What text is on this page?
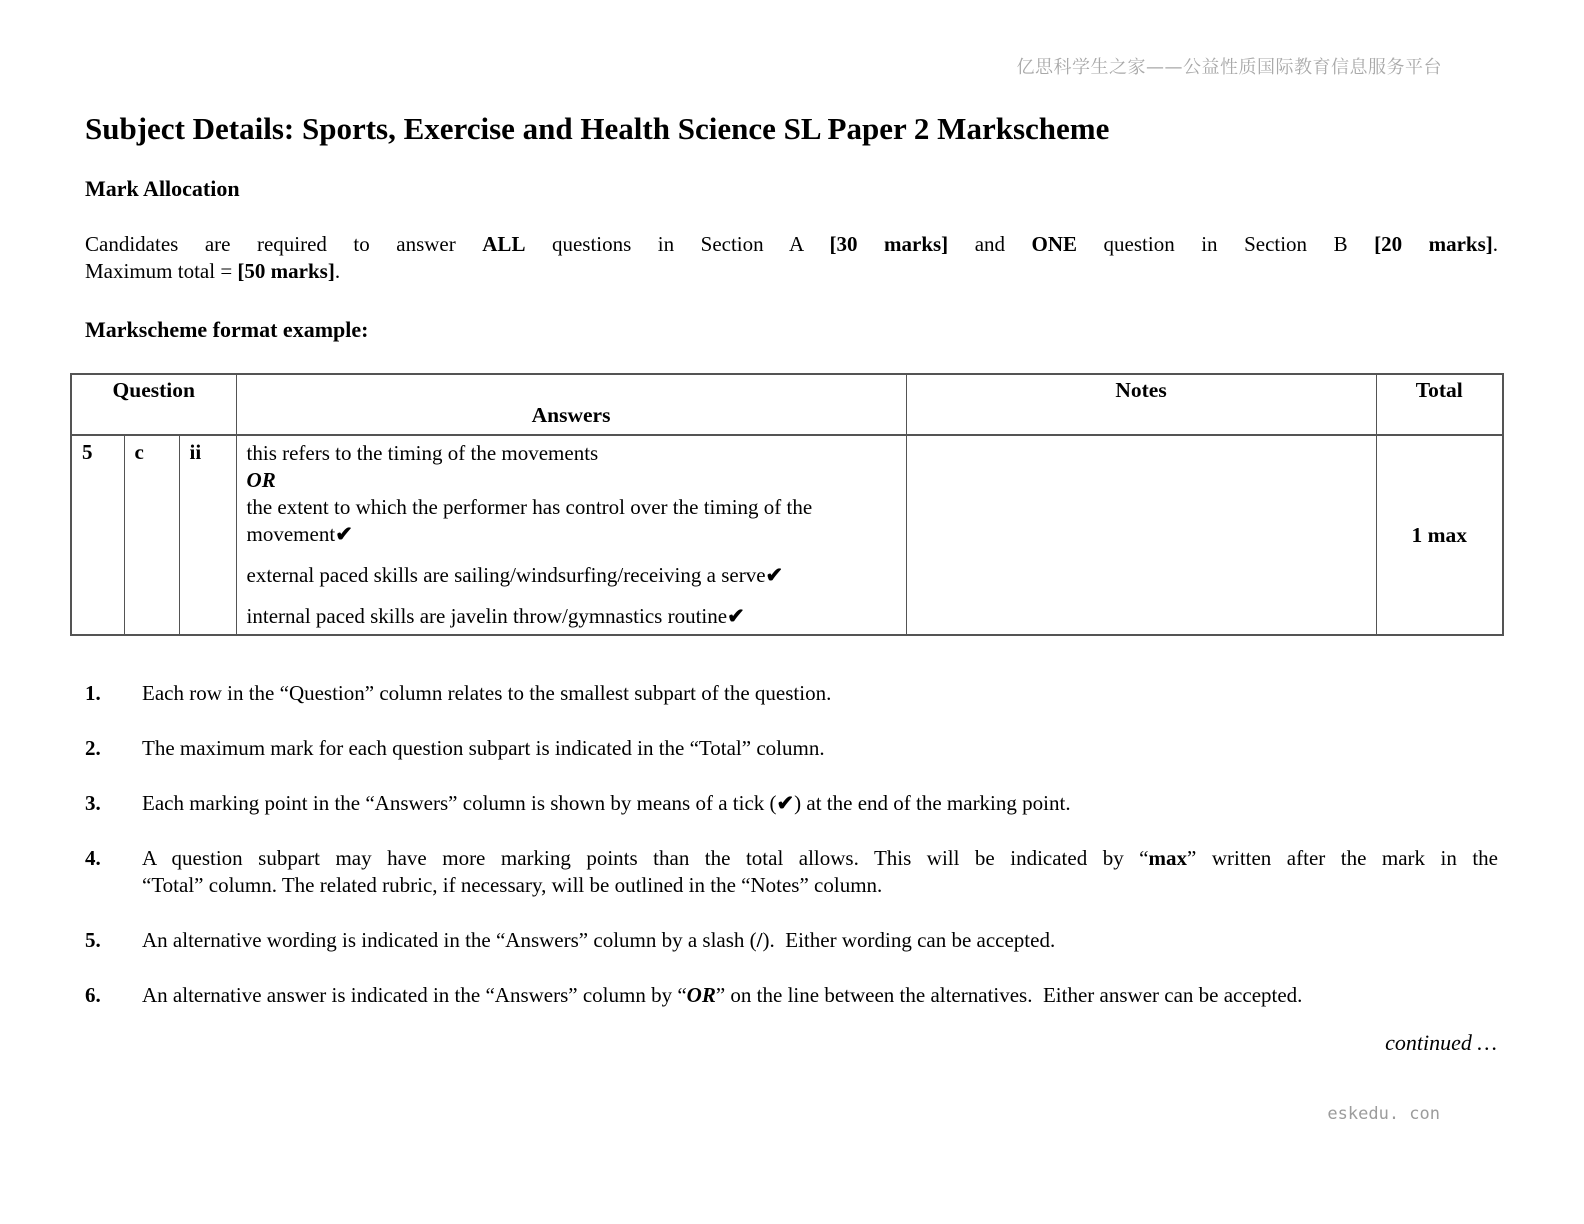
亿思科学生之家——公益性质国际教育信息服务平台
Subject Details: Sports, Exercise and Health Science SL Paper 2 Markscheme
Mark Allocation
Candidates are required to answer ALL questions in Section A [30 marks] and ONE question in Section B [20 marks].
Maximum total = [50 marks].
Markscheme format example:
Question			Answers	Notes	Total
5	c	ii	this refers to the timing of the movements
OR
the extent to which the performer has control over the timing of the movement✔
external paced skills are sailing/windsurfing/receiving a serve✔
internal paced skills are javelin throw/gymnastics routine✔		1 max
1.	Each row in the “Question” column relates to the smallest subpart of the question.
2.	The maximum mark for each question subpart is indicated in the “Total” column.
3.	Each marking point in the “Answers” column is shown by means of a tick (✔) at the end of the marking point.
4.	A question subpart may have more marking points than the total allows. This will be indicated by “max” written after the mark in the
“Total” column. The related rubric, if necessary, will be outlined in the “Notes” column.
5.	An alternative wording is indicated in the “Answers” column by a slash (/).  Either wording can be accepted.
6.	An alternative answer is indicated in the “Answers” column by “OR” on the line between the alternatives.  Either answer can be accepted.
continued …
eskedu. con
